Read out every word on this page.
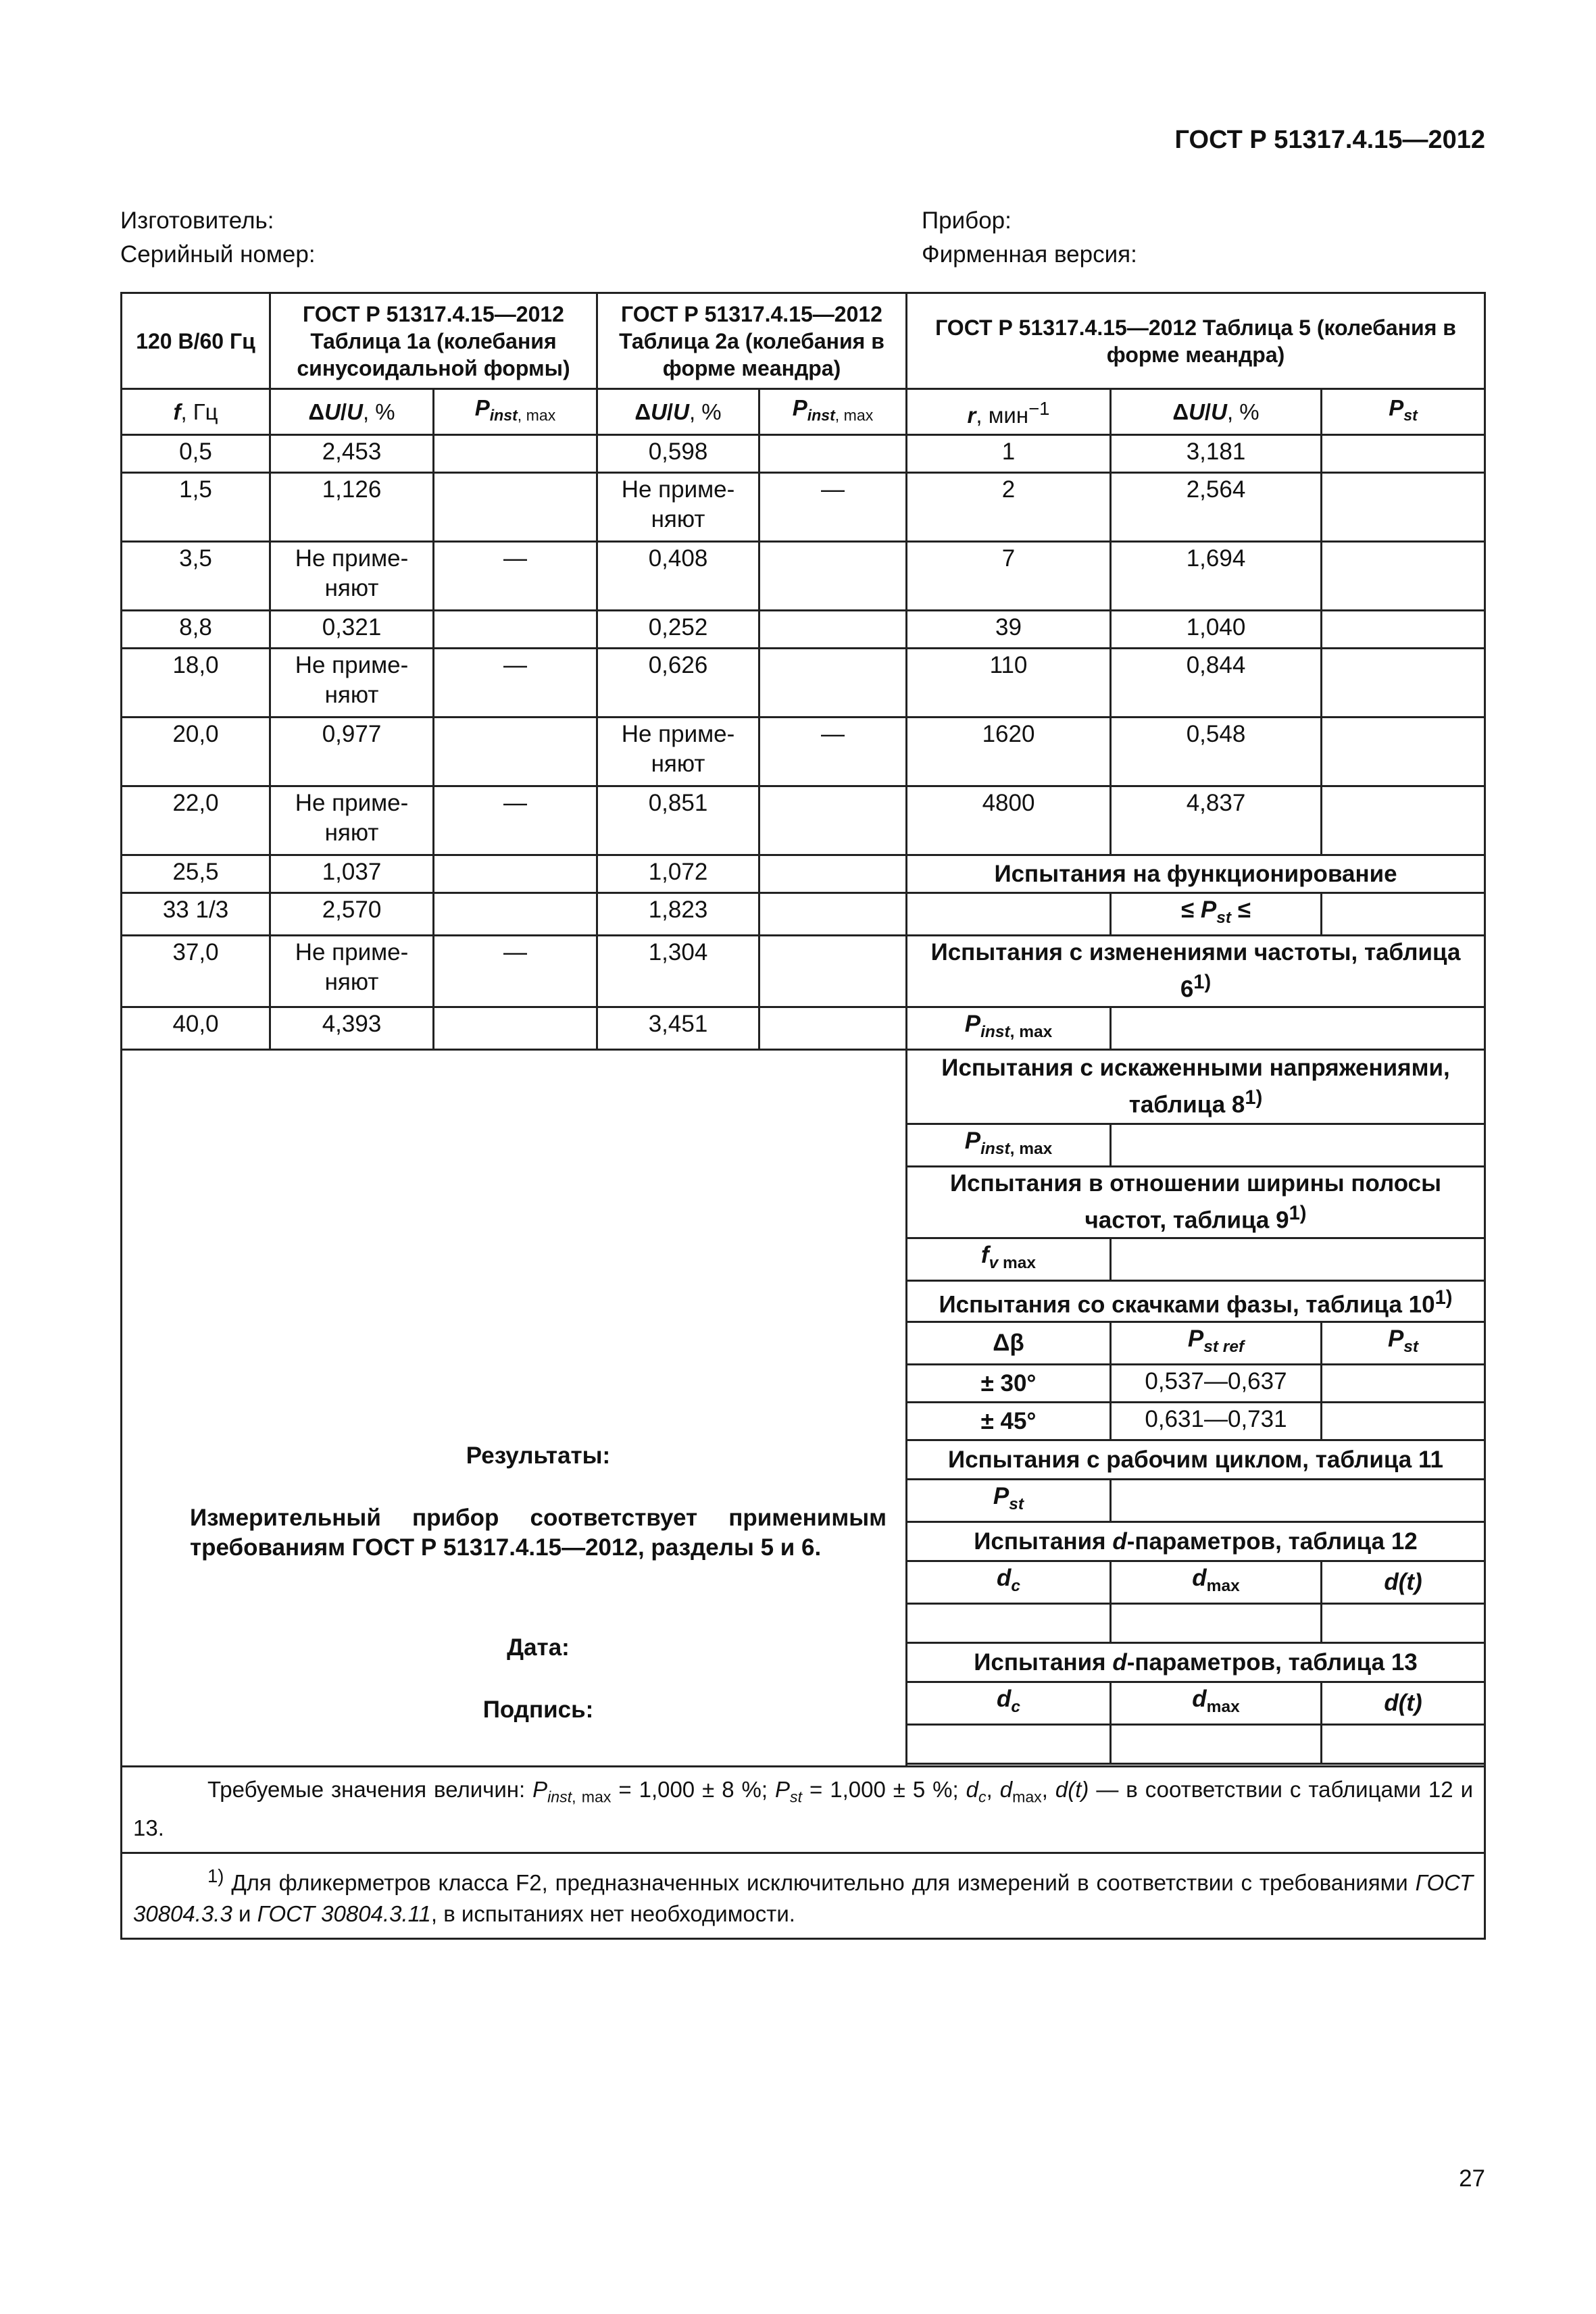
ГОСТ Р 51317.4.15—2012
Изготовитель:
Серийный номер:
Прибор:
Фирменная версия:
120 В/60 Гц	ГОСТ Р 51317.4.15—2012 Таблица 1а (колебания синусоидальной формы)		ГОСТ Р 51317.4.15—2012 Таблица 2а (колебания в форме меандра)		ГОСТ Р 51317.4.15—2012 Таблица 5 (колебания в форме меандра)		
f, Гц	ΔU/U, %	$P_{inst, max}$	ΔU/U, %	$P_{inst, max}$	r, мин$^{-1}$	ΔU/U, %	$P_{st}$
0,5	2,453		0,598		1	3,181	
1,5	1,126		Не приме-няют	—	2	2,564	
3,5	Не приме-няют	—	0,408		7	1,694	
8,8	0,321		0,252		39	1,040	
18,0	Не приме-няют	—	0,626		110	0,844	
20,0	0,977		Не приме-няют	—	1620	0,548	
22,0	Не приме-няют	—	0,851		4800	4,837	
25,5	1,037		1,072		Испытания на функционирование		
33 1/3	2,570		1,823			≤ $P_{st}$ ≤	
37,0	Не приме-няют	—	1,304		Испытания с изменениями частоты, таблица 6$^{1)}$
40,0	4,393		3,451		$P_{inst, max}$	

Результаты:

Измерительный прибор соответствует применимым требованиям ГОСТ Р 51317.4.15—2012, разделы 5 и 6.

Дата:

Подпись:					Испытания с искаженными напряжениями, таблица 8$^{1)}$
					$P_{inst, max}$	
					Испытания в отношении ширины полосы частот, таблица 9$^{1)}$
					$f_v$ $_{max}$	
					Испытания со скачками фазы, таблица 10$^{1)}$
					Δβ	$P_{st ref}$	$P_{st}$
					± 30°	0,537—0,637	
					± 45°	0,631—0,731	
					Испытания с рабочим циклом, таблица 11		
					$P_{st}$	
					Испытания d-параметров, таблица 12		
					$d_c$	$d_{max}$	d(t)

					Испытания d-параметров, таблица 13		
					$d_c$	$d_{max}$	d(t)

Требуемые значения величин: $P_{inst, max} = 1,000 \pm 8$ %; $P_{st} = 1,000 \pm 5$ %; $d_c$, $d_{max}$, d(t) — в соответствии с таблицами 12 и 13.							
$^{1)}$ Для фликерметров класса F2, предназначенных исключительно для измерений в соответствии с требованиями ГОСТ 30804.3.3 и ГОСТ 30804.3.11, в испытаниях нет необходимости.							
27
